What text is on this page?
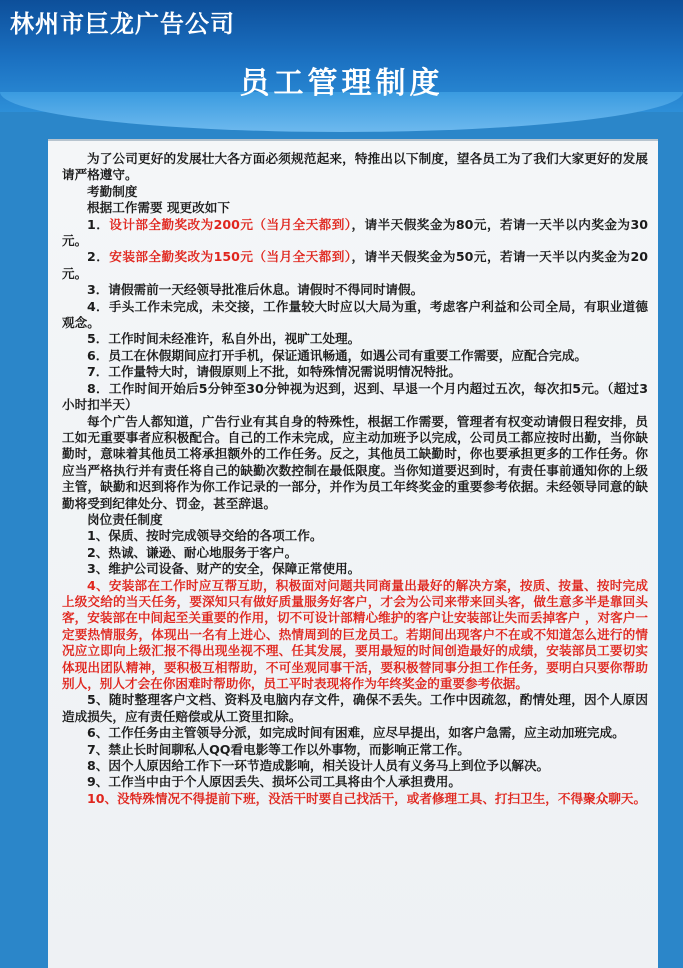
林州市巨龙广告公司
员工管理制度

为了公司更好的发展壮大各方面必须规范起来，特推出以下制度，望各员工为了我们大家更好的发展请严格遵守。

考勤制度

根据工作需要 现更改如下

1．设计部全勤奖改为200元（当月全天都到），请半天假奖金为80元，若请一天半以内奖金为30元。

2．安装部全勤奖改为150元（当月全天都到），请半天假奖金为50元，若请一天半以内奖金为20元。

3．请假需前一天经领导批准后休息。请假时不得同时请假。

4．手头工作未完成，未交接，工作量较大时应以大局为重，考虑客户利益和公司全局，有职业道德观念。

5．工作时间未经准许，私自外出，视旷工处理。

6．员工在休假期间应打开手机，保证通讯畅通，如遇公司有重要工作需要，应配合完成。

7．工作量特大时，请假原则上不批，如特殊情况需说明情况特批。

8．工作时间开始后5分钟至30分钟视为迟到，迟到、早退一个月内超过五次，每次扣5元。（超过3小时扣半天）

每个广告人都知道，广告行业有其自身的特殊性，根据工作需要，管理者有权变动请假日程安排，员工如无重要事者应积极配合。自己的工作未完成，应主动加班予以完成，公司员工都应按时出勤，当你缺勤时，意味着其他员工将承担额外的工作任务。反之，其他员工缺勤时，你也要承担更多的工作任务。你应当严格执行并有责任将自己的缺勤次数控制在最低限度。当你知道要迟到时，有责任事前通知你的上级主管，缺勤和迟到将作为你工作记录的一部分，并作为员工年终奖金的重要参考依据。未经领导同意的缺勤将受到纪律处分、罚金，甚至辞退。

岗位责任制度

1、保质、按时完成领导交给的各项工作。

2、热诚、谦逊、耐心地服务于客户。

3、维护公司设备、财产的安全，保障正常使用。

4、安装部在工作时应互帮互助，积极面对问题共同商量出最好的解决方案，按质、按量、按时完成上级交给的当天任务，要深知只有做好质量服务好客户，才会为公司来带来回头客，做生意多半是靠回头客，安装部在中间起至关重要的作用，切不可设计部精心维护的客户让安装部让失而丢掉客户 ，对客户一定要热情服务，体现出一名有上进心、热情周到的巨龙员工。若期间出现客户不在或不知道怎么进行的情况应立即向上级汇报不得出现坐视不理、任其发展，要用最短的时间创造最好的成绩，安装部员工要切实体现出团队精神，要积极互相帮助，不可坐观同事干活，要积极替同事分担工作任务，要明白只要你帮助别人，别人才会在你困难时帮助你，员工平时表现将作为年终奖金的重要参考依据。

5、随时整理客户文档、资料及电脑内存文件，确保不丢失。工作中因疏忽，酌情处理，因个人原因造成损失，应有责任赔偿或从工资里扣除。

6、工作任务由主管领导分派，如完成时间有困难，应尽早提出，如客户急需，应主动加班完成。

7、禁止长时间聊私人QQ看电影等工作以外事物，而影响正常工作。

8、因个人原因给工作下一环节造成影响，相关设计人员有义务马上到位予以解决。

9、工作当中由于个人原因丢失、损坏公司工具将由个人承担费用。

10、没特殊情况不得提前下班，没活干时要自己找活干，或者修理工具、打扫卫生，不得聚众聊天。
